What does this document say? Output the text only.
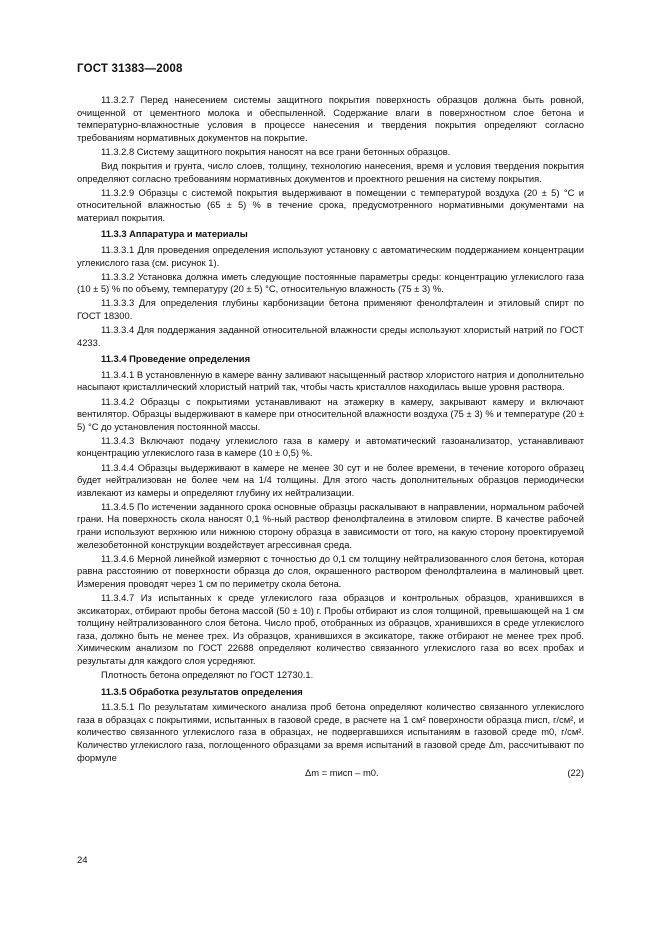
ГОСТ 31383—2008

11.3.2.7 Перед нанесением системы защитного покрытия поверхность образцов должна быть ровной, очищенной от цементного молока и обеспыленной. Содержание влаги в поверхностном слое бетона и температурно-влажностные условия в процессе нанесения и твердения покрытия определяют согласно требованиям нормативных документов на покрытие.

11.3.2.8 Систему защитного покрытия наносят на все грани бетонных образцов.

Вид покрытия и грунта, число слоев, толщину, технологию нанесения, время и условия твердения покрытия определяют согласно требованиям нормативных документов и проектного решения на систему покрытия.

11.3.2.9 Образцы с системой покрытия выдерживают в помещении с температурой воздуха (20 ± 5) °С и относительной влажностью (65 ± 5) % в течение срока, предусмотренного нормативными документами на материал покрытия.

11.3.3 Аппаратура и материалы

11.3.3.1 Для проведения определения используют установку с автоматическим поддержанием концентрации углекислого газа (см. рисунок 1).

11.3.3.2 Установка должна иметь следующие постоянные параметры среды: концентрацию углекислого газа (10 ± 5) % по объему, температуру (20 ± 5) °С, относительную влажность (75 ± 3) %.

11.3.3.3 Для определения глубины карбонизации бетона применяют фенолфталеин и этиловый спирт по ГОСТ 18300.

11.3.3.4 Для поддержания заданной относительной влажности среды используют хлористый натрий по ГОСТ 4233.

11.3.4 Проведение определения

11.3.4.1 В установленную в камере ванну заливают насыщенный раствор хлористого натрия и дополнительно насыпают кристаллический хлористый натрий так, чтобы часть кристаллов находилась выше уровня раствора.

11.3.4.2 Образцы с покрытиями устанавливают на этажерку в камеру, закрывают камеру и включают вентилятор. Образцы выдерживают в камере при относительной влажности воздуха (75 ± 3) % и температуре (20 ± 5) °С до установления постоянной массы.

11.3.4.3 Включают подачу углекислого газа в камеру и автоматический газоанализатор, устанавливают концентрацию углекислого газа в камере (10 ± 0,5) %.

11.3.4.4 Образцы выдерживают в камере не менее 30 сут и не более времени, в течение которого образец будет нейтрализован не более чем на 1/4 толщины. Для этого часть дополнительных образцов периодически извлекают из камеры и определяют глубину их нейтрализации.

11.3.4.5 По истечении заданного срока основные образцы раскалывают в направлении, нормальном рабочей грани. На поверхность скола наносят 0,1 %-ный раствор фенолфталеина в этиловом спирте. В качестве рабочей грани используют верхнюю или нижнюю сторону образца в зависимости от того, на какую сторону проектируемой железобетонной конструкции воздействует агрессивная среда.

11.3.4.6 Мерной линейкой измеряют с точностью до 0,1 см толщину нейтрализованного слоя бетона, которая равна расстоянию от поверхности образца до слоя, окрашенного раствором фенолфталеина в малиновый цвет. Измерения проводят через 1 см по периметру скола бетона.

11.3.4.7 Из испытанных к среде углекислого газа образцов и контрольных образцов, хранившихся в эксикаторах, отбирают пробы бетона массой (50 ± 10) г. Пробы отбирают из слоя толщиной, превышающей на 1 см толщину нейтрализованного слоя бетона. Число проб, отобранных из образцов, хранившихся в среде углекислого газа, должно быть не менее трех. Из образцов, хранившихся в эксикаторе, также отбирают не менее трех проб. Химическим анализом по ГОСТ 22688 определяют количество связанного углекислого газа во всех пробах и результаты для каждого слоя усредняют.

Плотность бетона определяют по ГОСТ 12730.1.

11.3.5 Обработка результатов определения

11.3.5.1 По результатам химического анализа проб бетона определяют количество связанного углекислого газа в образцах с покрытиями, испытанных в газовой среде, в расчете на 1 см² поверхности образца mисп, г/см², и количество связанного углекислого газа в образцах, не подвергавшихся испытаниям в газовой среде m0, г/см². Количество углекислого газа, поглощенного образцами за время испытаний в газовой среде Δm, рассчитывают по формуле

Δm = mисп – m0.	(22)
24
